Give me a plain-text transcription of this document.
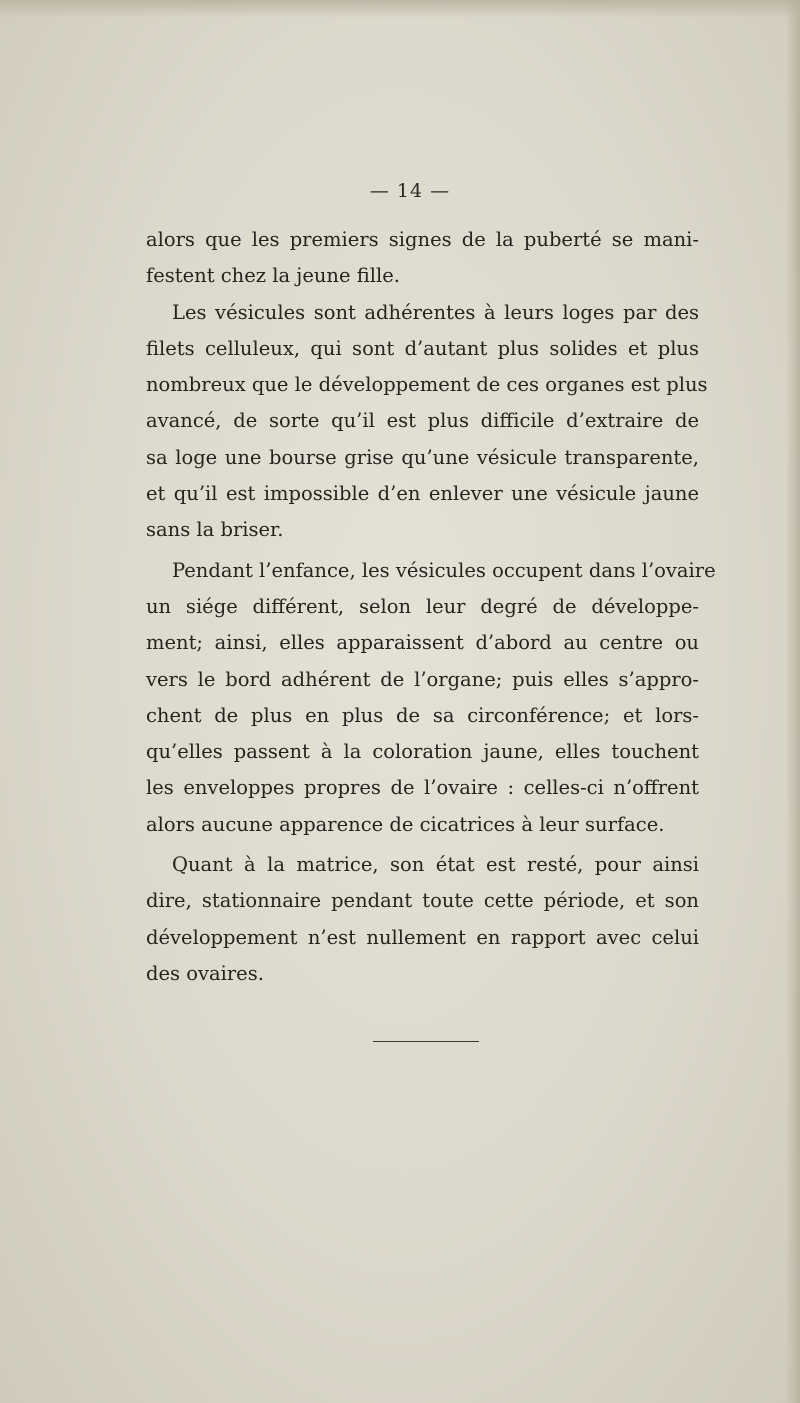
— 14 —
alors que les premiers signes de la puberté se mani-
festent chez la jeune fille.
Les vésicules sont adhérentes à leurs loges par des
filets celluleux, qui sont d’autant plus solides et plus
nombreux que le développement de ces organes est plus
avancé, de sorte qu’il est plus difficile d’extraire de
sa loge une bourse grise qu’une vésicule transparente,
et qu’il est impossible d’en enlever une vésicule jaune
sans la briser.
Pendant l’enfance, les vésicules occupent dans l’ovaire
un siége différent, selon leur degré de développe-
ment; ainsi, elles apparaissent d’abord au centre ou
vers le bord adhérent de l’organe; puis elles s’appro-
chent de plus en plus de sa circonférence; et lors-
qu’elles passent à la coloration jaune, elles touchent
les enveloppes propres de l’ovaire : celles-ci n’offrent
alors aucune apparence de cicatrices à leur surface.
Quant à la matrice, son état est resté, pour ainsi
dire, stationnaire pendant toute cette période, et son
développement n’est nullement en rapport avec celui
des ovaires.
